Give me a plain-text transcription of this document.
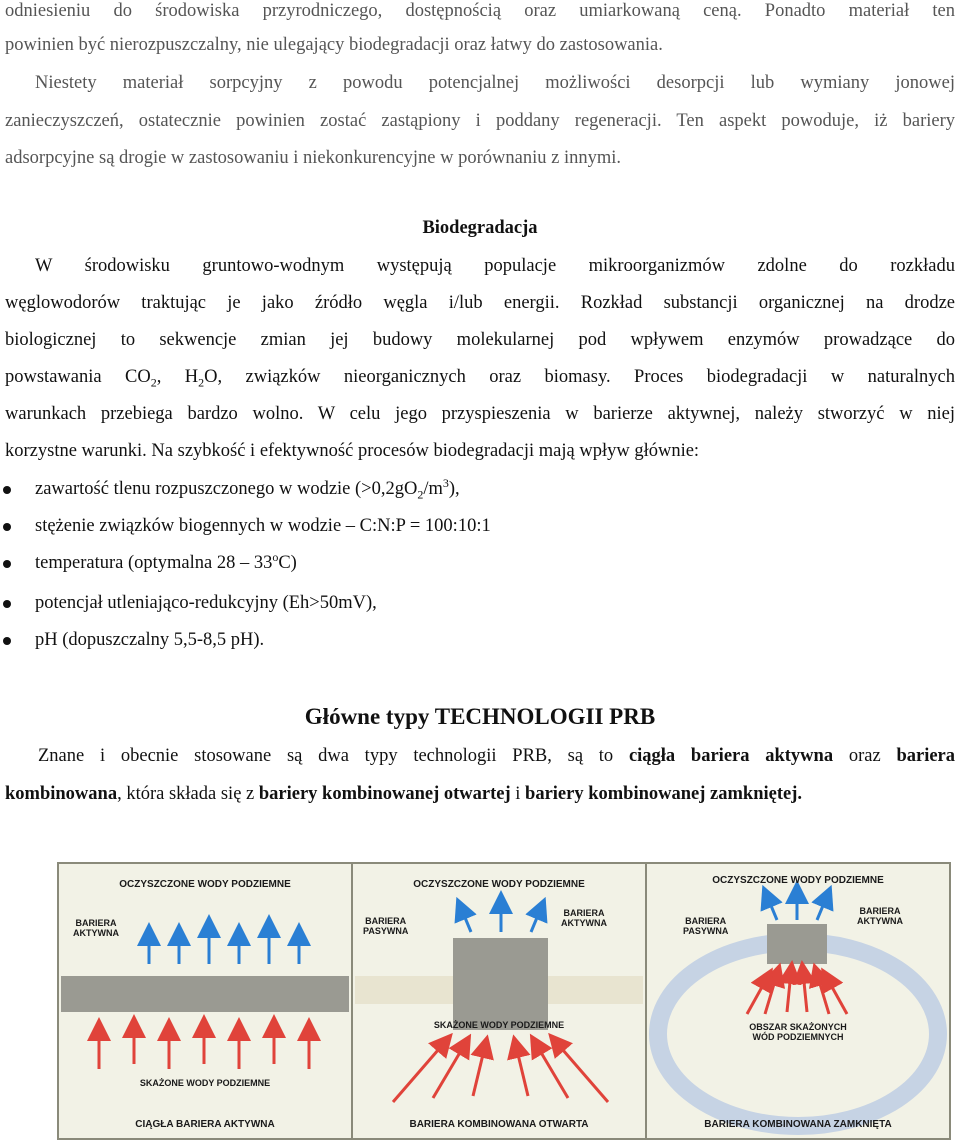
odniesieniu do środowiska przyrodniczego, dostępnością oraz umiarkowaną ceną. Ponadto materiał ten
powinien być nierozpuszczalny, nie ulegający biodegradacji oraz łatwy do zastosowania.
Niestety materiał sorpcyjny z powodu potencjalnej możliwości desorpcji lub wymiany jonowej
zanieczyszczeń, ostatecznie powinien zostać zastąpiony i poddany regeneracji. Ten aspekt powoduje, iż bariery
adsorpcyjne są drogie w zastosowaniu i niekonkurencyjne w porównaniu z innymi.
Biodegradacja
W środowisku gruntowo-wodnym występują populacje mikroorganizmów zdolne do rozkładu
węglowodorów traktując je jako źródło węgla i/lub energii. Rozkład substancji organicznej na drodze
biologicznej to sekwencje zmian jej budowy molekularnej pod wpływem enzymów prowadzące do
powstawania $CO_2$, $H_2O$, związków nieorganicznych oraz biomasy. Proces biodegradacji w naturalnych
warunkach przebiega bardzo wolno. W celu jego przyspieszenia w barierze aktywnej, należy stworzyć w niej
korzystne warunki. Na szybkość i efektywność procesów biodegradacji mają wpływ głównie:
zawartość tlenu rozpuszczonego w wodzie $(>0,2gO_2/m^3)$,
stężenie związków biogennych w wodzie – C:N:P = 100:10:1
temperatura (optymalna 28 – 33$^o$C)
potencjał utleniająco-redukcyjny (Eh>50mV),
pH (dopuszczalny 5,5-8,5 pH).
Główne typy TECHNOLOGII PRB
Znane i obecnie stosowane są dwa typy technologii PRB, są to ciągła bariera aktywna oraz bariera
kombinowana, która składa się z bariery kombinowanej otwartej i bariery kombinowanej zamkniętej.
OCZYSZCZONE WODY PODZIEMNE
BARIERA
AKTYWNA
SKAŻONE WODY PODZIEMNE
CIĄGŁA BARIERA AKTYWNA
OCZYSZCZONE WODY PODZIEMNE
BARIERA
PASYWNA
BARIERA
AKTYWNA
SKAŻONE WODY PODZIEMNE
BARIERA KOMBINOWANA OTWARTA
OCZYSZCZONE WODY PODZIEMNE
BARIERA
PASYWNA
BARIERA
AKTYWNA
OBSZAR SKAŻONYCH
WÓD PODZIEMNYCH
BARIERA KOMBINOWANA ZAMKNIĘTA
